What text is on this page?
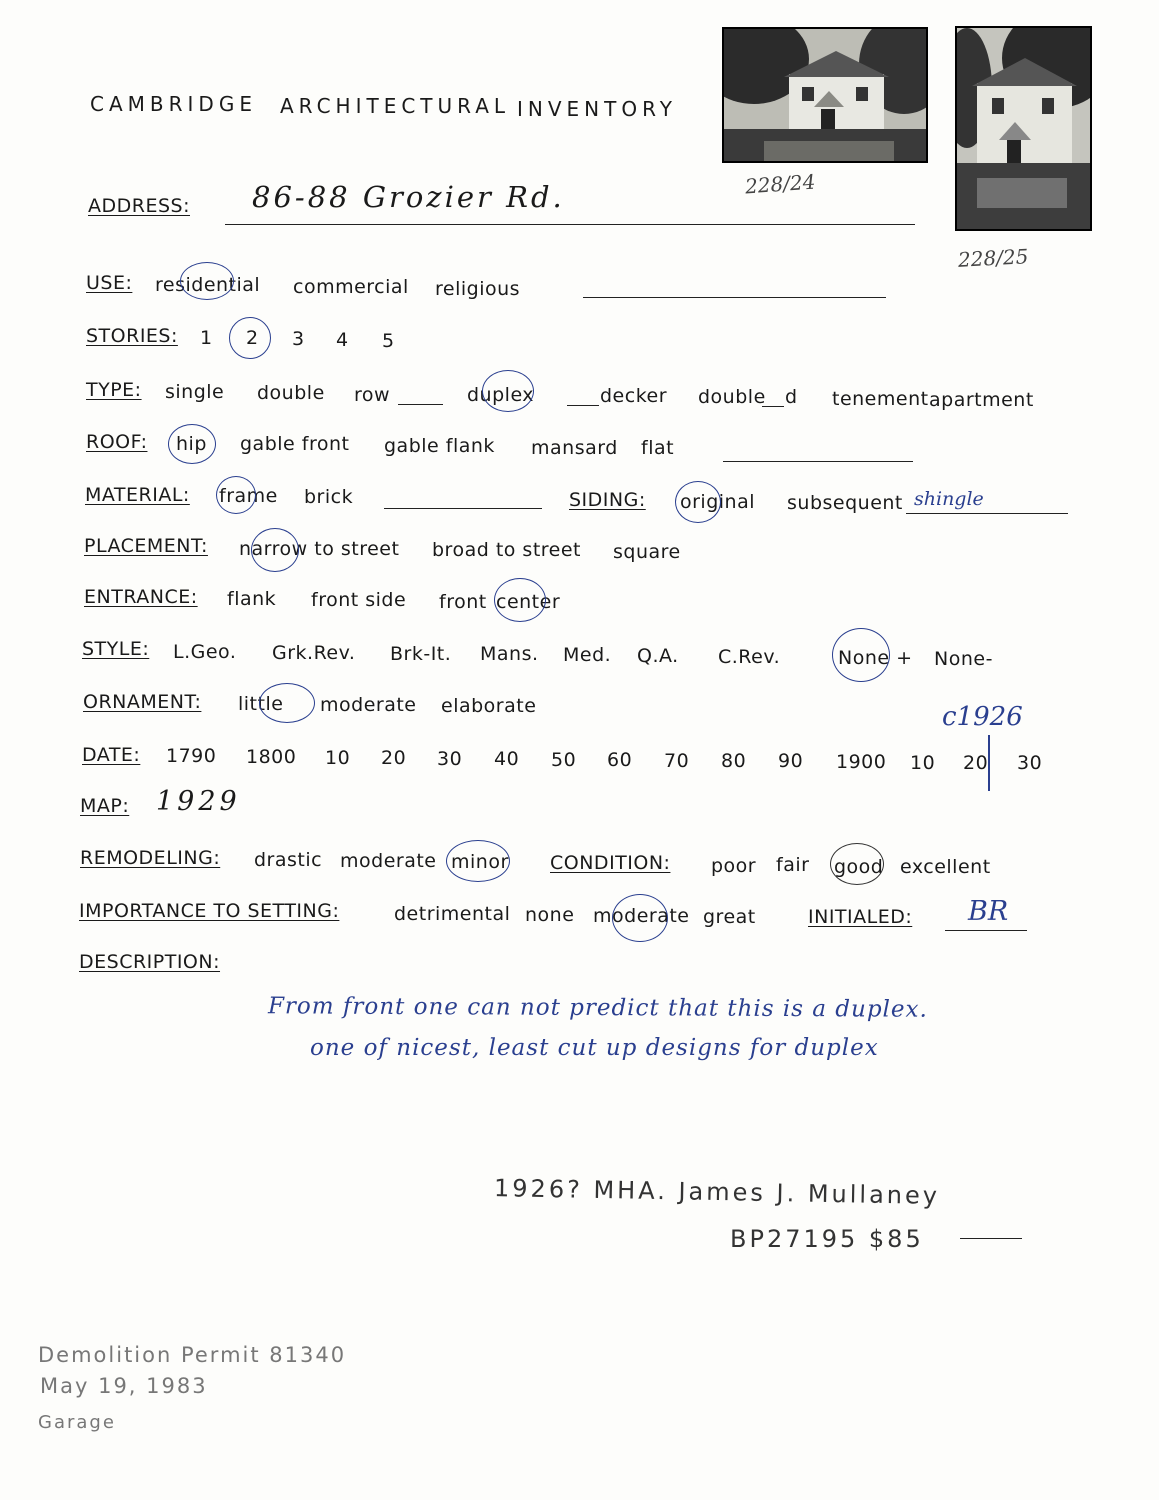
CAMBRIDGE ARCHITECTURAL INVENTORY
228/24
228/25
ADDRESS: 86-88 Grozier Rd.
USE: residential commercial religious
STORIES: 1 2 3 4 5
TYPE: single double row	duplex	decker double d tenement apartment
ROOF: hip gable front gable flank mansard flat
MATERIAL: frame brick	SIDING: original subsequent shingle
PLACEMENT: narrow to street broad to street square
ENTRANCE: flank front side front center
STYLE: L.Geo. Grk.Rev. Brk-It. Mans. Med. Q.A. C.Rev.	None + None-
ORNAMENT: little moderate elaborate	c1926
DATE: 1790 1800 10 20 30 40 50 60 70 80 90 1900 10 20 30
MAP: 1929
REMODELING: drastic moderate minor CONDITION: poor fair good excellent
IMPORTANCE TO SETTING:	detrimental none moderate great	INITIALED: BR
DESCRIPTION:
From front one can not predict that this is a duplex.
one of nicest, least cut up designs for duplex
1926? MHA. James J. Mullaney
BP27195 $85
Demolition Permit 81340
May 19, 1983
Garage
